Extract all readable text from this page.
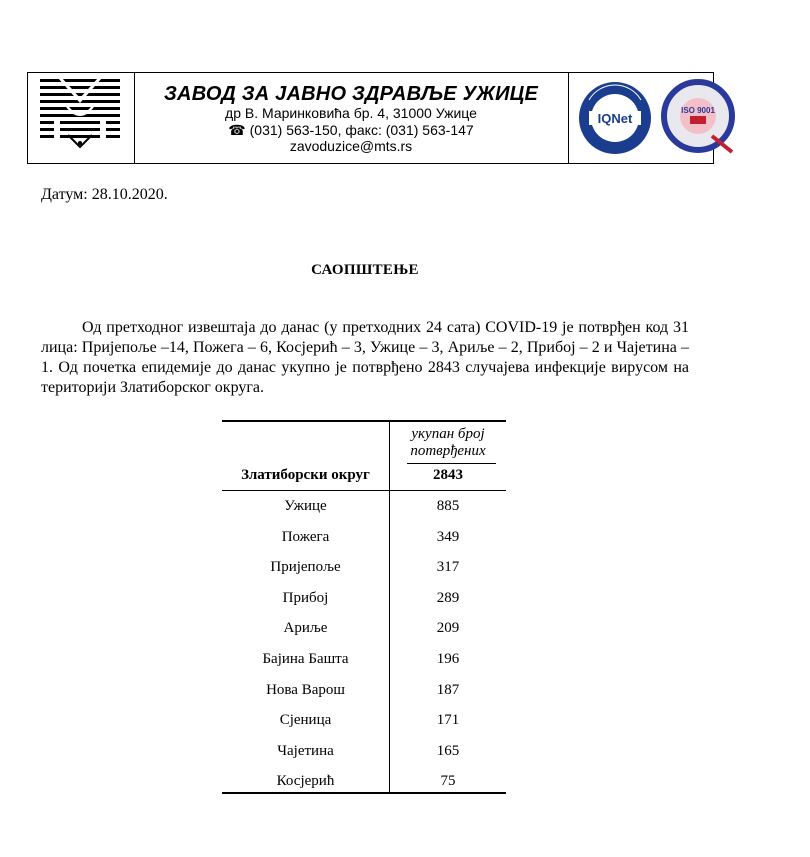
ЗАВОД ЗА ЈАВНО ЗДРАВЉЕ УЖИЦЕ
др В. Маринковића бр. 4, 31000 Ужице
☎ (031) 563-150, факс: (031) 563-147
zavoduzice@mts.rs
IQNet
ISO 9001
Датум: 28.10.2020.
САОПШТЕЊЕ
Од претходног извештаја до данас (у претходних 24 сата) COVID-19 је потврђен код 31 лица: Пријепоље –14, Пожега – 6, Косјерић – 3, Ужице – 3, Ариље – 2, Прибој – 2 и Чајетина – 1. Од почетка епидемије до данас укупно је потврђено 2843 случајева инфекције вирусом на територији Златиборског округа.
укупан број
потврђених
Златиборски округ	2843
Ужице	885
Пожега	349
Пријепоље	317
Прибој	289
Ариље	209
Бајина Башта	196
Нова Варош	187
Сјеница	171
Чајетина	165
Косјерић	75
